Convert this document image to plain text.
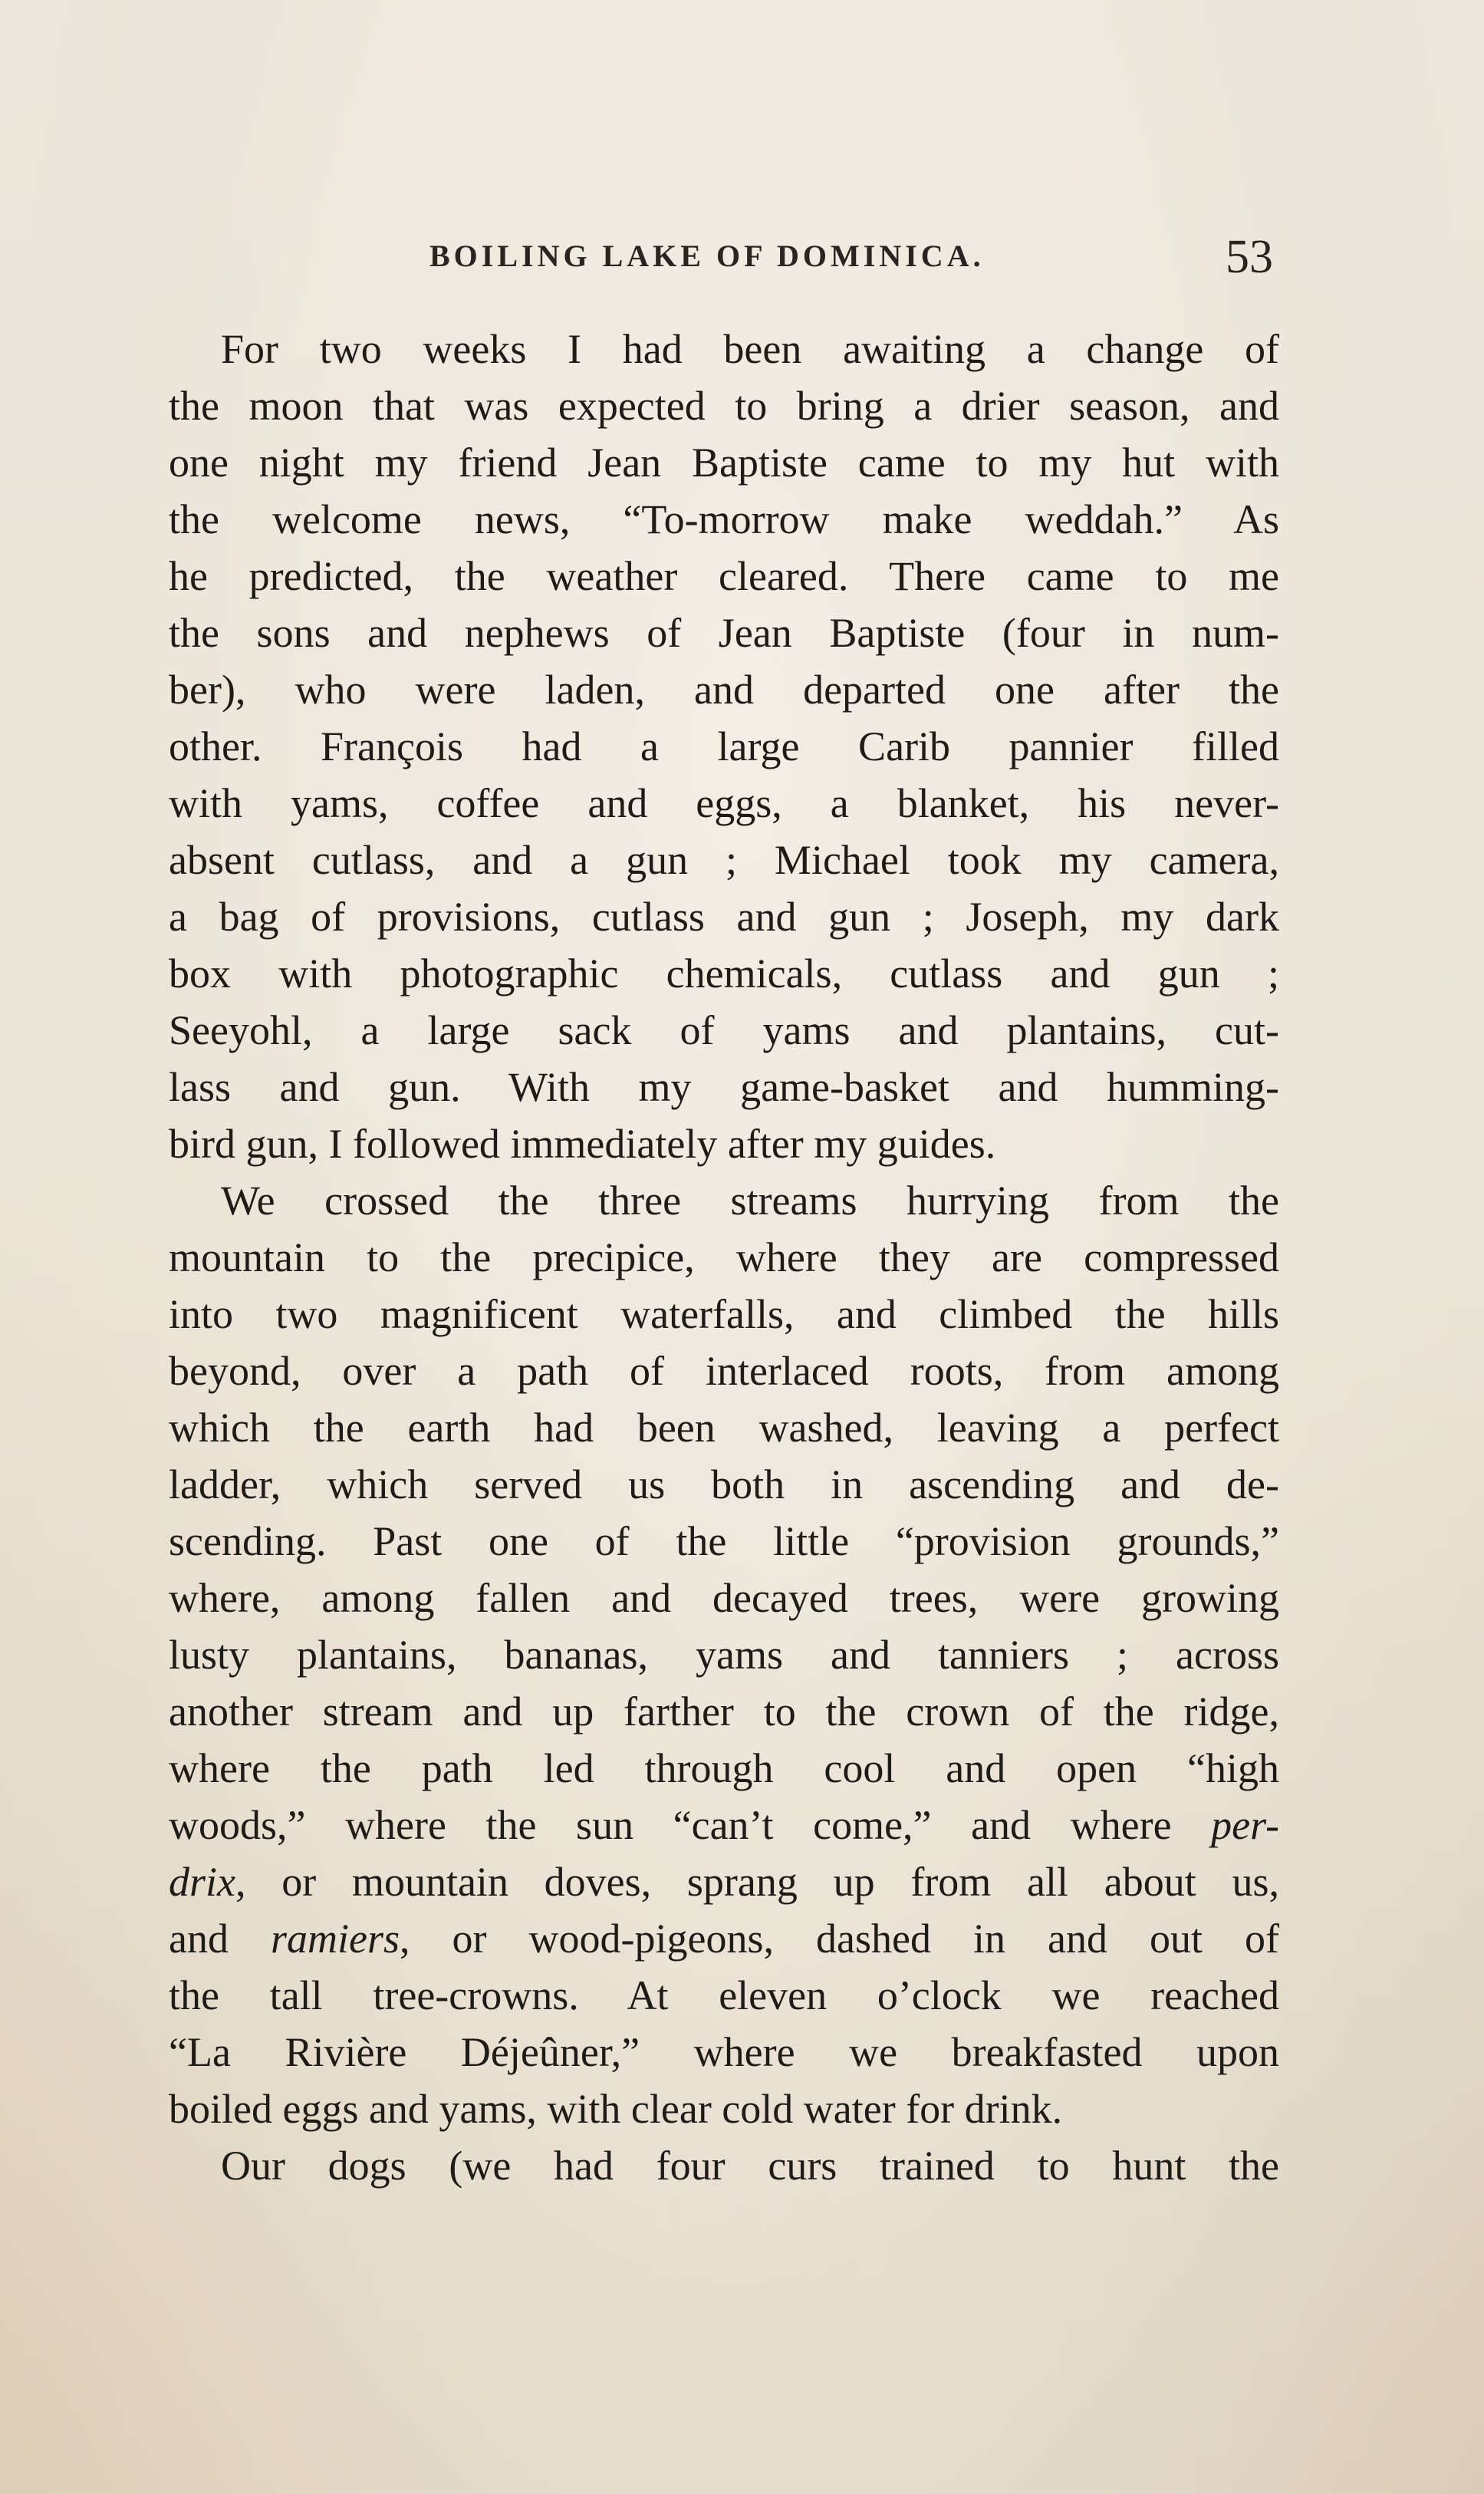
BOILING LAKE OF DOMINICA.	53
For two weeks I had been awaiting a change of
the moon that was expected to bring a drier season, and
one night my friend Jean Baptiste came to my hut with
the welcome news, “To-morrow make weddah.” As
he predicted, the weather cleared. There came to me
the sons and nephews of Jean Baptiste (four in num-
ber), who were laden, and departed one after the
other. François had a large Carib pannier filled
with yams, coffee and eggs, a blanket, his never-
absent cutlass, and a gun ; Michael took my camera,
a bag of provisions, cutlass and gun ; Joseph, my dark
box with photographic chemicals, cutlass and gun ;
Seeyohl, a large sack of yams and plantains, cut-
lass and gun. With my game-basket and humming-
bird gun, I followed immediately after my guides.
We crossed the three streams hurrying from the
mountain to the precipice, where they are compressed
into two magnificent waterfalls, and climbed the hills
beyond, over a path of interlaced roots, from among
which the earth had been washed, leaving a perfect
ladder, which served us both in ascending and de-
scending. Past one of the little “provision grounds,”
where, among fallen and decayed trees, were growing
lusty plantains, bananas, yams and tanniers ; across
another stream and up farther to the crown of the ridge,
where the path led through cool and open “high
woods,” where the sun “can’t come,” and where per-
drix, or mountain doves, sprang up from all about us,
and ramiers, or wood-pigeons, dashed in and out of
the tall tree-crowns. At eleven o’clock we reached
“La Rivière Déjeûner,” where we breakfasted upon
boiled eggs and yams, with clear cold water for drink.
Our dogs (we had four curs trained to hunt the
